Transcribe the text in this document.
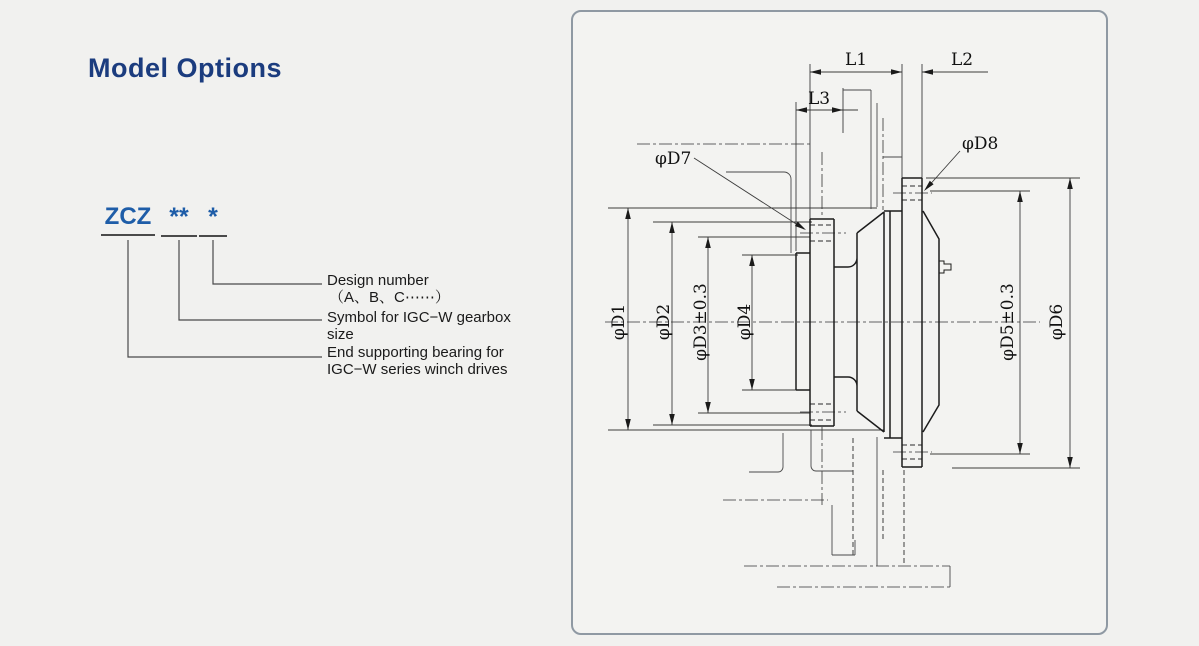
Model Options
ZCZ ** *
Design number
（A、B、C⋯⋯）
Symbol for IGC−W gearbox size
End supporting bearing for IGC−W series winch drives
L1	L2
L3
φD7
φD8
φD1 φD2 φD3±0.3 φD4	φD5±0.3 φD6
